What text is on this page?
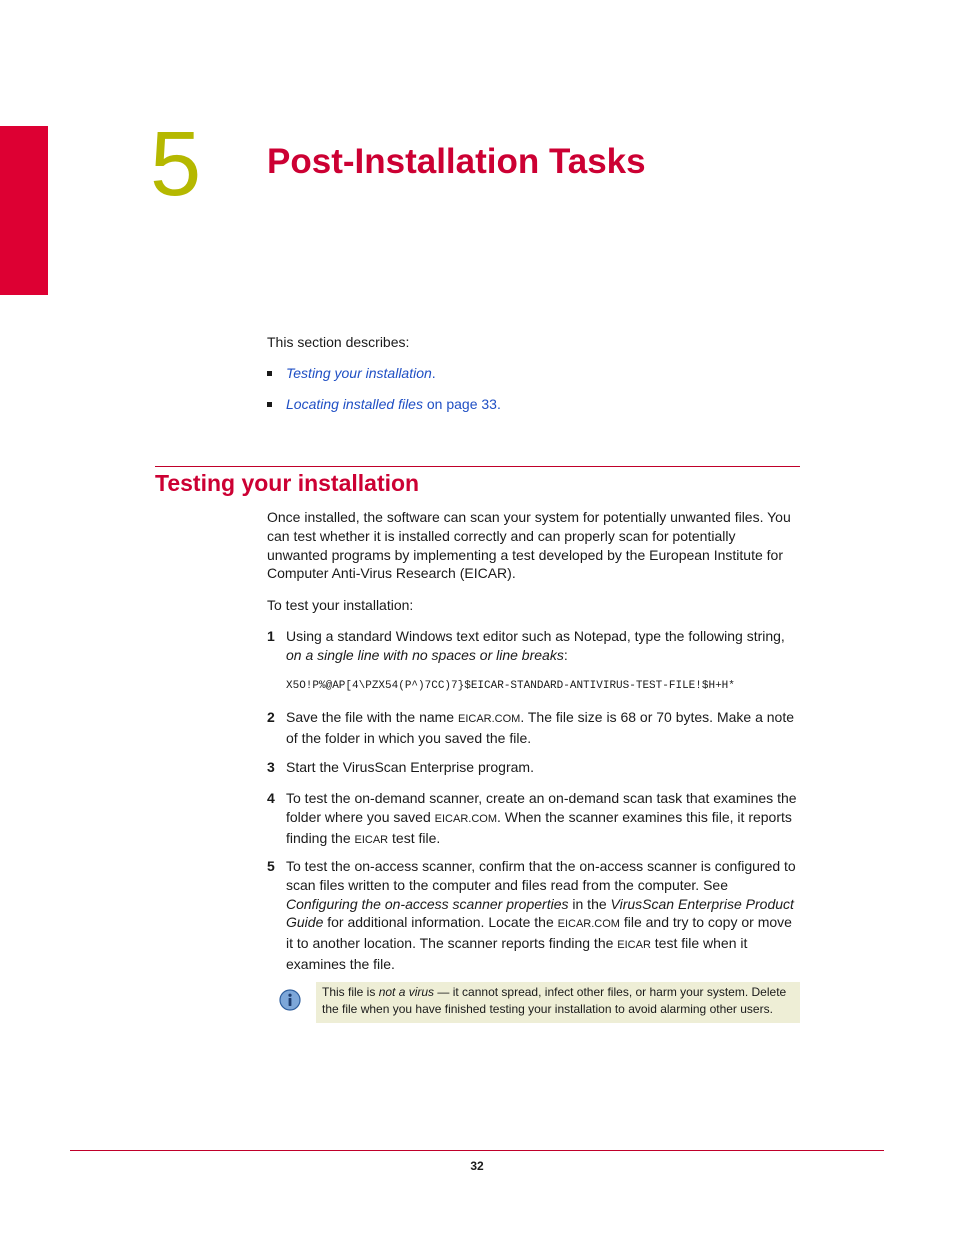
5 Post-Installation Tasks

This section describes:

Testing your installation.

Locating installed files on page 33.

Testing your installation

Once installed, the software can scan your system for potentially unwanted files. You can test whether it is installed correctly and can properly scan for potentially unwanted programs by implementing a test developed by the European Institute for Computer Anti-Virus Research (EICAR).

To test your installation:

1 Using a standard Windows text editor such as Notepad, type the following string, on a single line with no spaces or line breaks:
X5O!P%@AP[4\PZX54(P^)7CC)7}$EICAR-STANDARD-ANTIVIRUS-TEST-FILE!$H+H*
2 Save the file with the name EICAR.COM. The file size is 68 or 70 bytes. Make a note of the folder in which you saved the file.
3 Start the VirusScan Enterprise program.
4 To test the on-demand scanner, create an on-demand scan task that examines the folder where you saved EICAR.COM. When the scanner examines this file, it reports finding the EICAR test file.
5 To test the on-access scanner, confirm that the on-access scanner is configured to scan files written to the computer and files read from the computer. See Configuring the on-access scanner properties in the VirusScan Enterprise Product Guide for additional information. Locate the EICAR.COM file and try to copy or move it to another location. The scanner reports finding the EICAR test file when it examines the file.

This file is not a virus — it cannot spread, infect other files, or harm your system. Delete the file when you have finished testing your installation to avoid alarming other users.

32
